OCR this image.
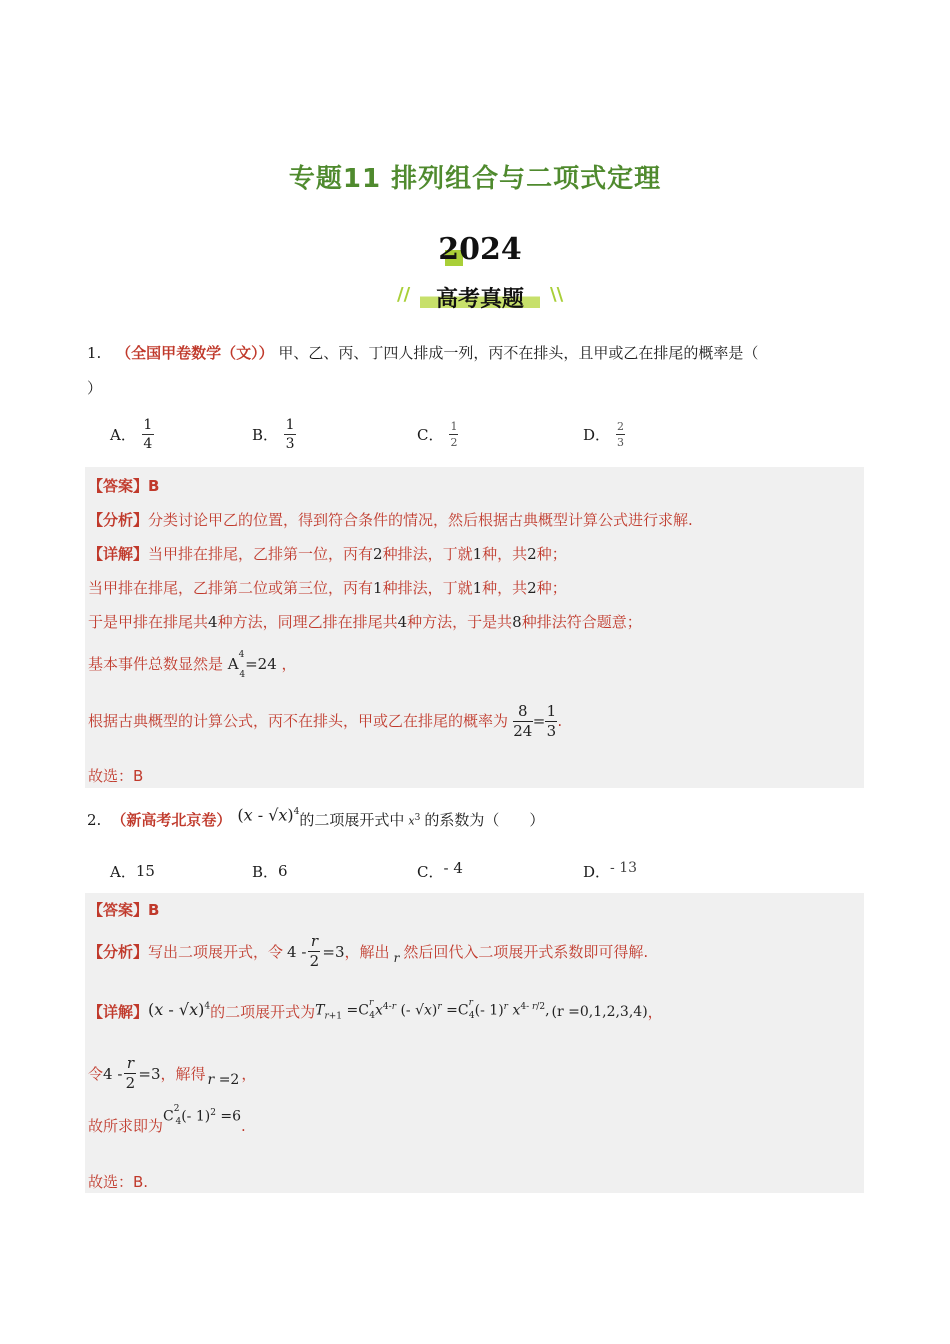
专题11 排列组合与二项式定理
2024
//	高考真题	\\
1. （全国甲卷数学（文）） 甲、乙、丙、丁四人排成一列，丙不在排头，且甲或乙在排尾的概率是（
）
A． $\frac{1}{4}$	B． $\frac{1}{3}$	C． $\frac{1}{2}$	D． $\frac{2}{3}$
【答案】B
【分析】分类讨论甲乙的位置，得到符合条件的情况，然后根据古典概型计算公式进行求解.
【详解】当甲排在排尾，乙排第一位，丙有2种排法，丁就1种，共2种；
当甲排在排尾，乙排第二位或第三位，丙有1种排法，丁就1种，共2种；
于是甲排在排尾共4种方法，同理乙排在排尾共4种方法，于是共8种排法符合题意；
基本事件总数显然是 $A^4_4=24$ ，
根据古典概型的计算公式，丙不在排头，甲或乙在排尾的概率为 $\frac{8}{24} = \frac{1}{3}$ .
故选：B
2. （新高考北京卷） (x - √x)$^4$ 的二项展开式中 $x^3$ 的系数为（　　）
A． 15	B． 6	C． - 4	D． - 13
【答案】B
【分析】 写出二项展开式，令 4 -
r
2
=3 ，解出 r 然后回代入二项展开式系数即可得解.
【详解】 (x - √x)$^4$ 的二项展开式为 $T_{r+1} =C^r_4x^{4-r}$ (- $√x)^r =C^r_4(-$ 1)$^r$ $x^{4- r/2}$, (r =0,1,2,3,4) ，
令 4 -
r
2
=3 ，解得 r =2 ，
故所求即为
$C^2_4(-$ 1)$^2$ =6
.
故选：B.
